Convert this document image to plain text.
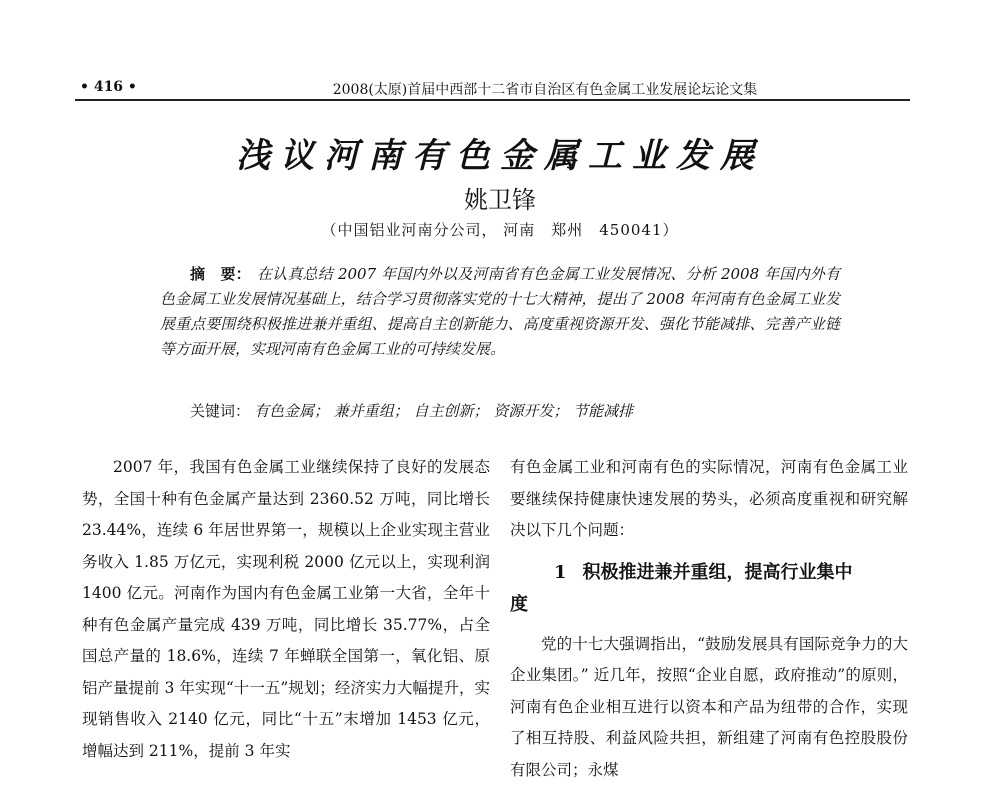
• 416 •	2008(太原)首届中西部十二省市自治区有色金属工业发展论坛论文集
浅议河南有色金属工业发展
姚卫锋
（中国铝业河南分公司， 河南　郑州　450041）
摘　要： 在认真总结 2007 年国内外以及河南省有色金属工业发展情况、分析 2008 年国内外有色金属工业发展情况基础上，结合学习贯彻落实党的十七大精神，提出了 2008 年河南有色金属工业发展重点要围绕积极推进兼并重组、提高自主创新能力、高度重视资源开发、强化节能减排、完善产业链等方面开展，实现河南有色金属工业的可持续发展。
关键词： 有色金属； 兼并重组； 自主创新； 资源开发； 节能减排

2007 年，我国有色金属工业继续保持了良好的发展态势，全国十种有色金属产量达到 2360.52 万吨，同比增长 23.44%，连续 6 年居世界第一，规模以上企业实现主营业务收入 1.85 万亿元，实现利税 2000 亿元以上，实现利润 1400 亿元。河南作为国内有色金属工业第一大省，全年十种有色金属产量完成 439 万吨，同比增长 35.77%，占全国总产量的 18.6%，连续 7 年蝉联全国第一，氧化铝、原铝产量提前 3 年实现“十一五”规划；经济实力大幅提升，实现销售收入 2140 亿元，同比“十五”末增加 1453 亿元，增幅达到 211%，提前 3 年实

有色金属工业和河南有色的实际情况，河南有色金属工业要继续保持健康快速发展的势头，必须高度重视和研究解决以下几个问题：

1 积极推进兼并重组，提高行业集中
度

党的十七大强调指出，“鼓励发展具有国际竞争力的大企业集团。” 近几年，按照“企业自愿，政府推动”的原则，河南有色企业相互进行以资本和产品为纽带的合作，实现了相互持股、利益风险共担，新组建了河南有色控股股份有限公司；永煤
